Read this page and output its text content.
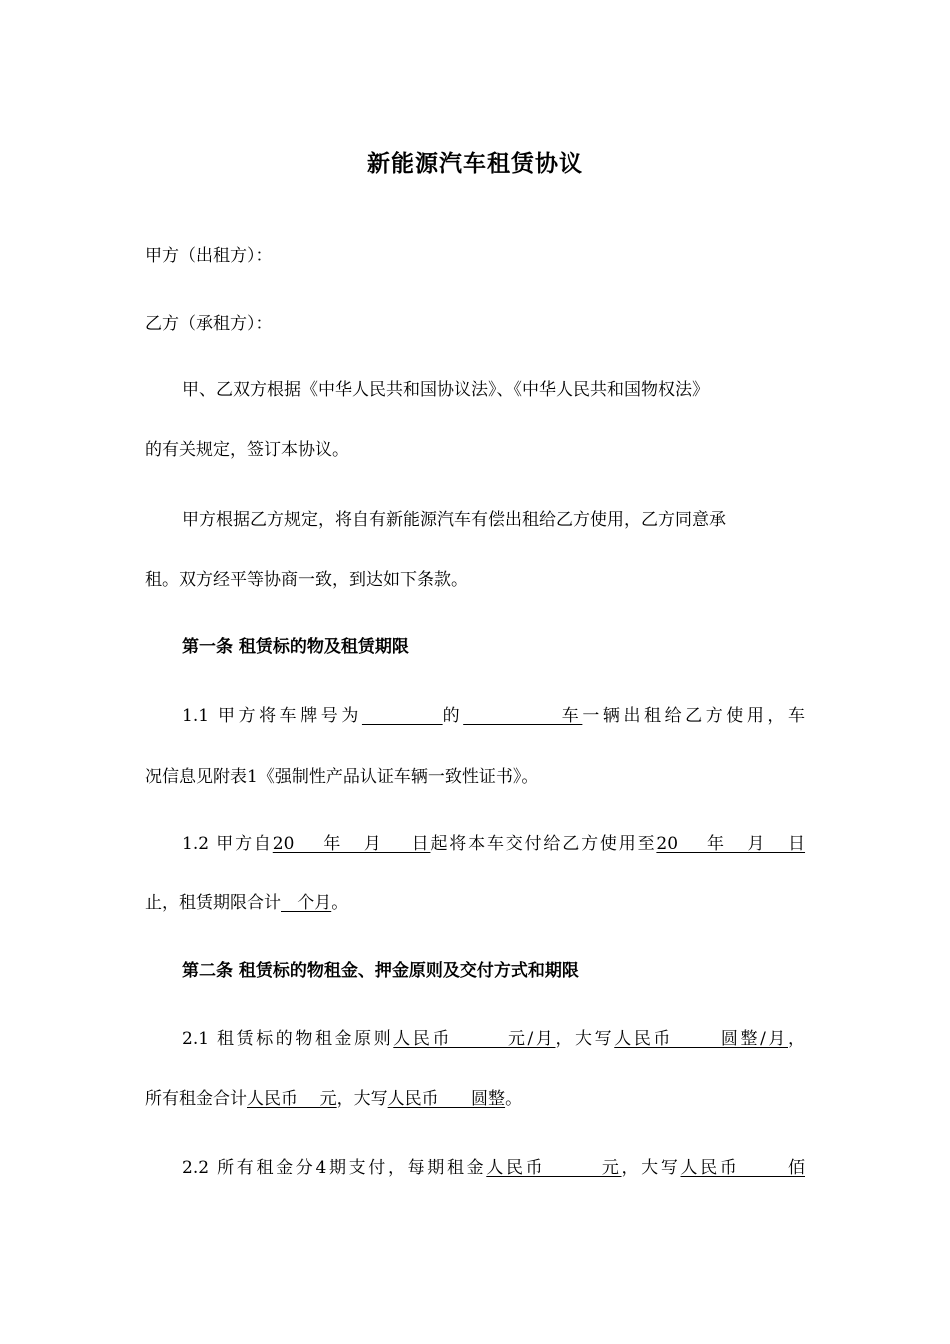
新能源汽车租赁协议
甲方（出租方）：
乙方（承租方）：
甲、乙双方根据《中华人民共和国协议法》、《中华人民共和国物权法》
的有关规定，签订本协议。
甲方根据乙方规定，将自有新能源汽车有偿出租给乙方使用，乙方同意承
租。双方经平等协商一致，到达如下条款。
第一条 租赁标的物及租赁期限
1.1 甲方将车牌号为	的           车一辆出租给乙方使用，车
况信息见附表1《强制性产品认证车辆一致性证书》。
1.2 甲方自20    年   月    日起将本车交付给乙方使用至20    年   月   日
止，租赁期限合计   个月。
第二条 租赁标的物租金、押金原则及交付方式和期限
2.1 租赁标的物租金原则人民币       元/月，大写人民币      圆整/月，
所有租金合计人民币    元，大写人民币      圆整。
2.2 所有租金分4期支付，每期租金人民币       元，大写人民币      佰
